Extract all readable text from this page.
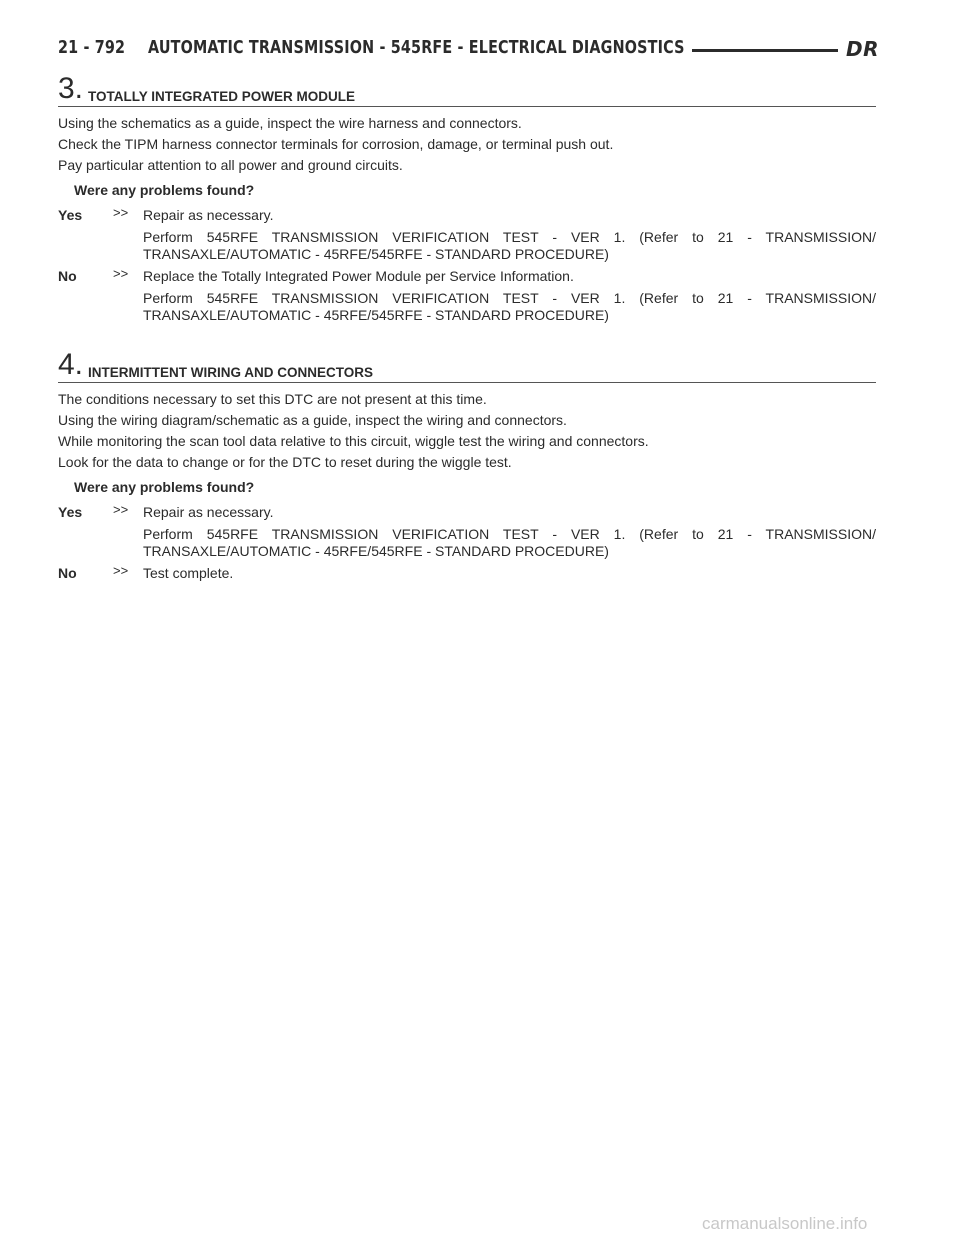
21 - 792 AUTOMATIC TRANSMISSION - 545RFE - ELECTRICAL DIAGNOSTICS	DR
3. TOTALLY INTEGRATED POWER MODULE

Using the schematics as a guide, inspect the wire harness and connectors.

Check the TIPM harness connector terminals for corrosion, damage, or terminal push out.

Pay particular attention to all power and ground circuits.

Were any problems found?

Yes >> Repair as necessary.

Perform 545RFE TRANSMISSION VERIFICATION TEST - VER 1. (Refer to 21 - TRANSMISSION/

TRANSAXLE/AUTOMATIC - 45RFE/545RFE - STANDARD PROCEDURE)

No	>> Replace the Totally Integrated Power Module per Service Information.

Perform 545RFE TRANSMISSION VERIFICATION TEST - VER 1. (Refer to 21 - TRANSMISSION/

TRANSAXLE/AUTOMATIC - 45RFE/545RFE - STANDARD PROCEDURE)

4. INTERMITTENT WIRING AND CONNECTORS

The conditions necessary to set this DTC are not present at this time.

Using the wiring diagram/schematic as a guide, inspect the wiring and connectors.

While monitoring the scan tool data relative to this circuit, wiggle test the wiring and connectors.

Look for the data to change or for the DTC to reset during the wiggle test.

Were any problems found?

Yes >> Repair as necessary.

Perform 545RFE TRANSMISSION VERIFICATION TEST - VER 1. (Refer to 21 - TRANSMISSION/

TRANSAXLE/AUTOMATIC - 45RFE/545RFE - STANDARD PROCEDURE)

No	>> Test complete.

carmanualsonline.info
